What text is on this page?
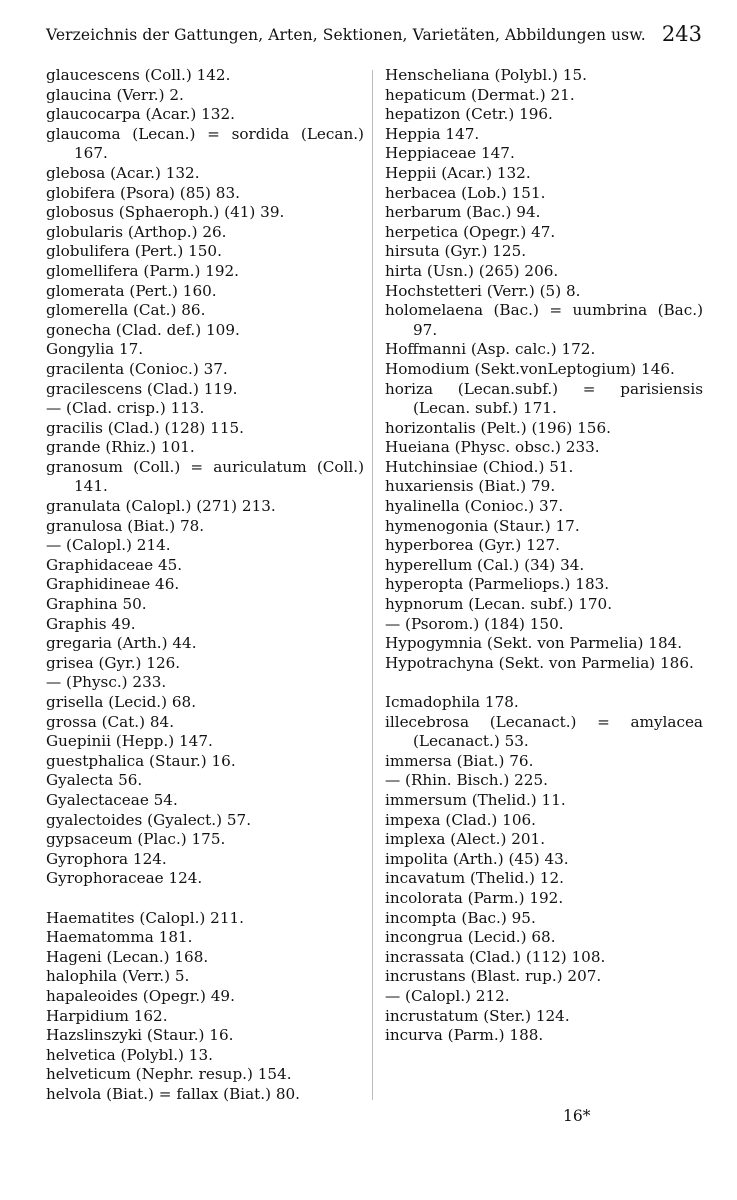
Verzeichnis der Gattungen, Arten, Sektionen, Varietäten, Abbildungen usw. 243
glaucescens (Coll.) 142.
glaucina (Verr.) 2.
glaucocarpa (Acar.) 132.
glaucoma (Lecan.) = sordida (Lecan.) 167.
glebosa (Acar.) 132.
globifera (Psora) (85) 83.
globosus (Sphaeroph.) (41) 39.
globularis (Arthop.) 26.
globulifera (Pert.) 150.
glomellifera (Parm.) 192.
glomerata (Pert.) 160.
glomerella (Cat.) 86.
gonecha (Clad. def.) 109.
Gongylia 17.
gracilenta (Conioc.) 37.
gracilescens (Clad.) 119.
— (Clad. crisp.) 113.
gracilis (Clad.) (128) 115.
grande (Rhiz.) 101.
granosum (Coll.) = auriculatum (Coll.) 141.
granulata (Calopl.) (271) 213.
granulosa (Biat.) 78.
— (Calopl.) 214.
Graphidaceae 45.
Graphidineae 46.
Graphina 50.
Graphis 49.
gregaria (Arth.) 44.
grisea (Gyr.) 126.
— (Physc.) 233.
grisella (Lecid.) 68.
grossa (Cat.) 84.
Guepinii (Hepp.) 147.
guestphalica (Staur.) 16.
Gyalecta 56.
Gyalectaceae 54.
gyalectoides (Gyalect.) 57.
gypsaceum (Plac.) 175.
Gyrophora 124.
Gyrophoraceae 124.
Haematites (Calopl.) 211.
Haematomma 181.
Hageni (Lecan.) 168.
halophila (Verr.) 5.
hapaleoides (Opegr.) 49.
Harpidium 162.
Hazslinszyki (Staur.) 16.
helvetica (Polybl.) 13.
helveticum (Nephr. resup.) 154.
helvola (Biat.) = fallax (Biat.) 80.
Henscheliana (Polybl.) 15.
hepaticum (Dermat.) 21.
hepatizon (Cetr.) 196.
Heppia 147.
Heppiaceae 147.
Heppii (Acar.) 132.
herbacea (Lob.) 151.
herbarum (Bac.) 94.
herpetica (Opegr.) 47.
hirsuta (Gyr.) 125.
hirta (Usn.) (265) 206.
Hochstetteri (Verr.) (5) 8.
holomelaena (Bac.) = uumbrina (Bac.) 97.
Hoffmanni (Asp. calc.) 172.
Homodium (Sekt.vonLeptogium) 146.
horiza (Lecan.subf.) = parisiensis (Lecan. subf.) 171.
horizontalis (Pelt.) (196) 156.
Hueiana (Physc. obsc.) 233.
Hutchinsiae (Chiod.) 51.
huxariensis (Biat.) 79.
hyalinella (Conioc.) 37.
hymenogonia (Staur.) 17.
hyperborea (Gyr.) 127.
hyperellum (Cal.) (34) 34.
hyperopta (Parmeliops.) 183.
hypnorum (Lecan. subf.) 170.
— (Psorom.) (184) 150.
Hypogymnia (Sekt. von Parmelia) 184.
Hypotrachyna (Sekt. von Parmelia) 186.
Icmadophila 178.
illecebrosa (Lecanact.) = amylacea (Lecanact.) 53.
immersa (Biat.) 76.
— (Rhin. Bisch.) 225.
immersum (Thelid.) 11.
impexa (Clad.) 106.
implexa (Alect.) 201.
impolita (Arth.) (45) 43.
incavatum (Thelid.) 12.
incolorata (Parm.) 192.
incompta (Bac.) 95.
incongrua (Lecid.) 68.
incrassata (Clad.) (112) 108.
incrustans (Blast. rup.) 207.
— (Calopl.) 212.
incrustatum (Ster.) 124.
incurva (Parm.) 188.
16*
